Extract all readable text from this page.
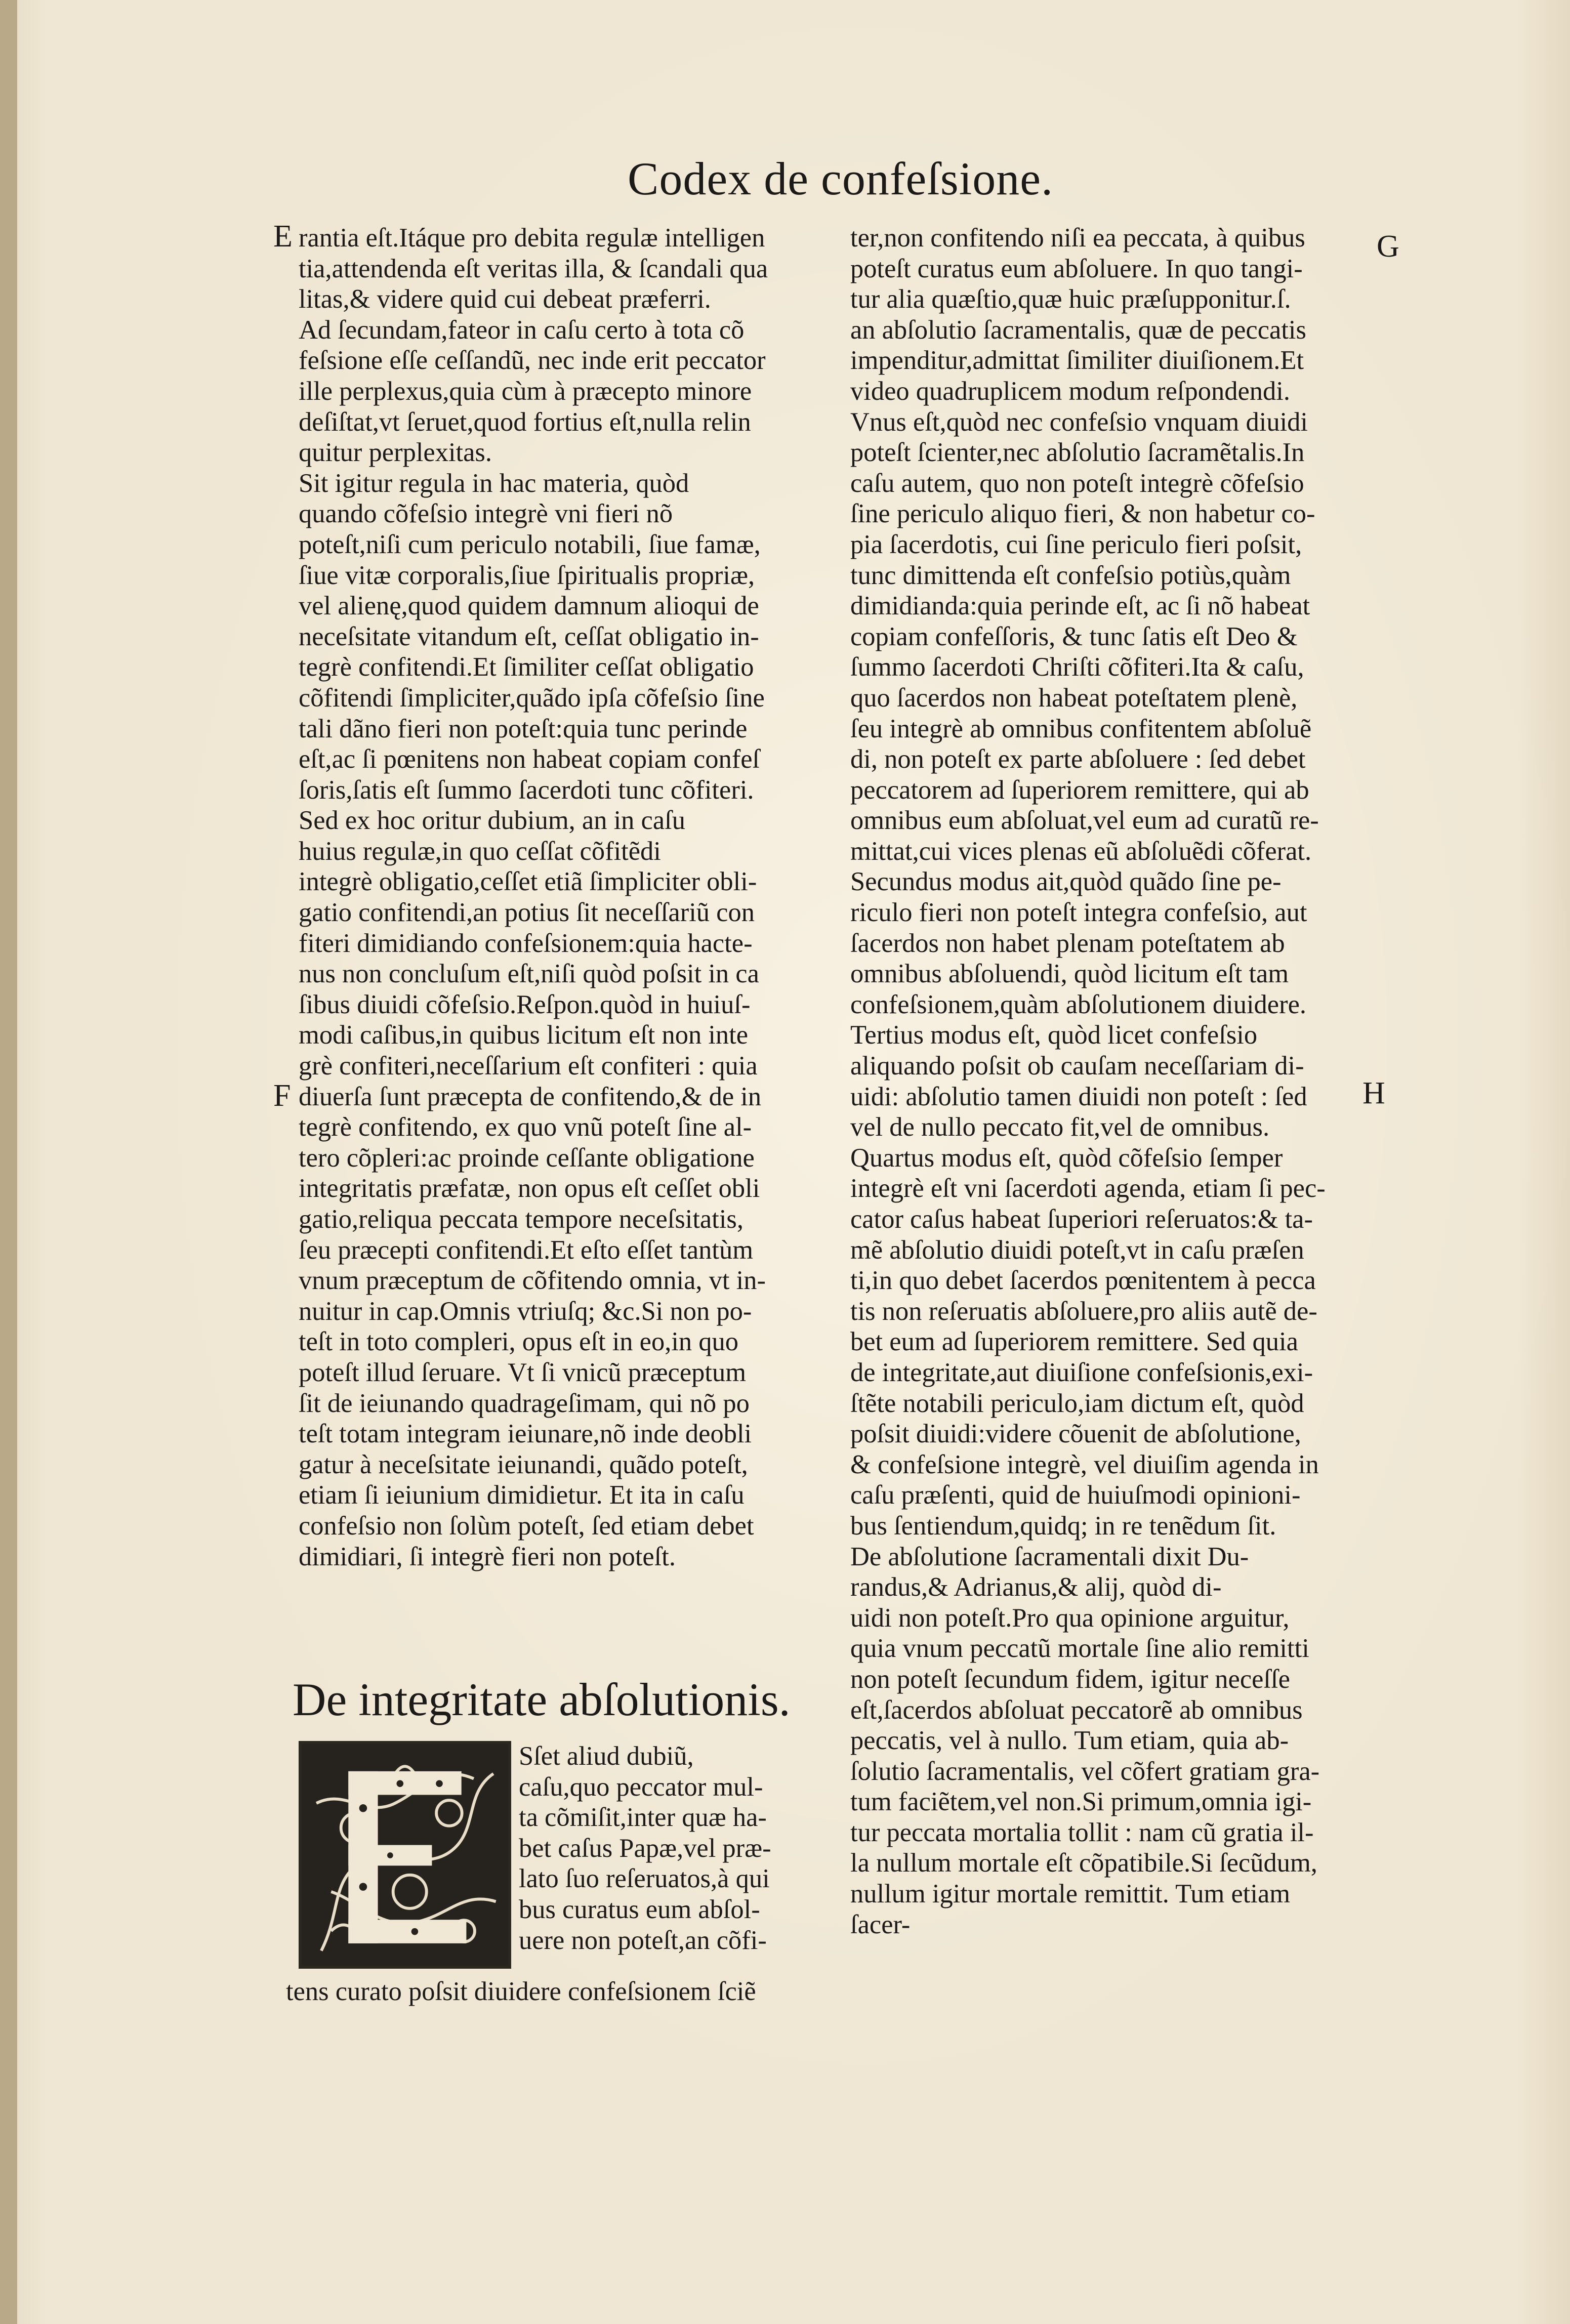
Codex de confeſsione.
E
F
G
H
rantia eſt.Itáque pro debita regulæ intelligen
tia,attendenda eſt veritas illa, & ſcandali qua
litas,& videre quid cui debeat præferri.
Ad ſecundam,fateor in caſu certo à tota cõ
feſsione eſſe ceſſandũ, nec inde erit peccator
ille perplexus,quia cùm à præcepto minore
deſiſtat,vt ſeruet,quod fortius eſt,nulla relin
quitur perplexitas.
Sit igitur regula in hac materia, quòd
quando cõfeſsio integrè vni fieri nõ
poteſt,niſi cum periculo notabili, ſiue famæ,
ſiue vitæ corporalis,ſiue ſpiritualis propriæ,
vel alienę,quod quidem damnum alioqui de
neceſsitate vitandum eſt, ceſſat obligatio in-
tegrè confitendi.Et ſimiliter ceſſat obligatio
cõfitendi ſimpliciter,quãdo ipſa cõfeſsio ſine
tali dãno fieri non poteſt:quia tunc perinde
eſt,ac ſi pœnitens non habeat copiam confeſ
ſoris,ſatis eſt ſummo ſacerdoti tunc cõfiteri.
Sed ex hoc oritur dubium, an in caſu
huius regulæ,in quo ceſſat cõfitẽdi
integrè obligatio,ceſſet etiã ſimpliciter obli-
gatio confitendi,an potius ſit neceſſariũ con
fiteri dimidiando confeſsionem:quia hacte-
nus non concluſum eſt,niſi quòd poſsit in ca
ſibus diuidi cõfeſsio.Reſpon.quòd in huiuſ-
modi caſibus,in quibus licitum eſt non inte
grè confiteri,neceſſarium eſt confiteri : quia
diuerſa ſunt præcepta de confitendo,& de in
tegrè confitendo, ex quo vnũ poteſt ſine al-
tero cõpleri:ac proinde ceſſante obligatione
integritatis præfatæ, non opus eſt ceſſet obli
gatio,reliqua peccata tempore neceſsitatis,
ſeu præcepti confitendi.Et eſto eſſet tantùm
vnum præceptum de cõfitendo omnia, vt in-
nuitur in cap.Omnis vtriuſq; &c.Si non po-
teſt in toto compleri, opus eſt in eo,in quo
poteſt illud ſeruare. Vt ſi vnicũ præceptum
ſit de ieiunando quadrageſimam, qui nõ po
teſt totam integram ieiunare,nõ inde deobli
gatur à neceſsitate ieiunandi, quãdo poteſt,
etiam ſi ieiunium dimidietur. Et ita in caſu
confeſsio non ſolùm poteſt, ſed etiam debet
dimidiari, ſi integrè fieri non poteſt.
De integritate abſolutionis.
Sſet aliud dubiũ,
caſu,quo peccator mul-
ta cõmiſit,inter quæ ha-
bet caſus Papæ,vel præ-
lato ſuo reſeruatos,à qui
bus curatus eum abſol-
uere non poteſt,an cõfi-
tens curato poſsit diuidere confeſsionem ſciẽ
ter,non confitendo niſi ea peccata, à quibus
poteſt curatus eum abſoluere. In quo tangi-
tur alia quæſtio,quæ huic præſupponitur.ſ.
an abſolutio ſacramentalis, quæ de peccatis
impenditur,admittat ſimiliter diuiſionem.Et
video quadruplicem modum reſpondendi.
Vnus eſt,quòd nec confeſsio vnquam diuidi
poteſt ſcienter,nec abſolutio ſacramẽtalis.In
caſu autem, quo non poteſt integrè cõfeſsio
ſine periculo aliquo fieri, & non habetur co-
pia ſacerdotis, cui ſine periculo fieri poſsit,
tunc dimittenda eſt confeſsio potiùs,quàm
dimidianda:quia perinde eſt, ac ſi nõ habeat
copiam confeſſoris, & tunc ſatis eſt Deo &
ſummo ſacerdoti Chriſti cõfiteri.Ita & caſu,
quo ſacerdos non habeat poteſtatem plenè,
ſeu integrè ab omnibus confitentem abſoluẽ
di, non poteſt ex parte abſoluere : ſed debet
peccatorem ad ſuperiorem remittere, qui ab
omnibus eum abſoluat,vel eum ad curatũ re-
mittat,cui vices plenas eũ abſoluẽdi cõferat.
Secundus modus ait,quòd quãdo ſine pe-
riculo fieri non poteſt integra confeſsio, aut
ſacerdos non habet plenam poteſtatem ab
omnibus abſoluendi, quòd licitum eſt tam
confeſsionem,quàm abſolutionem diuidere.
Tertius modus eſt, quòd licet confeſsio
aliquando poſsit ob cauſam neceſſariam di-
uidi: abſolutio tamen diuidi non poteſt : ſed
vel de nullo peccato fit,vel de omnibus.
Quartus modus eſt, quòd cõfeſsio ſemper
integrè eſt vni ſacerdoti agenda, etiam ſi pec-
cator caſus habeat ſuperiori reſeruatos:& ta-
mẽ abſolutio diuidi poteſt,vt in caſu præſen
ti,in quo debet ſacerdos pœnitentem à pecca
tis non reſeruatis abſoluere,pro aliis autẽ de-
bet eum ad ſuperiorem remittere. Sed quia
de integritate,aut diuiſione confeſsionis,exi-
ſtẽte notabili periculo,iam dictum eſt, quòd
poſsit diuidi:videre cõuenit de abſolutione,
& confeſsione integrè, vel diuiſim agenda in
caſu præſenti, quid de huiuſmodi opinioni-
bus ſentiendum,quidq; in re tenẽdum ſit.
De abſolutione ſacramentali dixit Du-
randus,& Adrianus,& alij, quòd di-
uidi non poteſt.Pro qua opinione arguitur,
quia vnum peccatũ mortale ſine alio remitti
non poteſt ſecundum fidem, igitur neceſſe
eſt,ſacerdos abſoluat peccatorẽ ab omnibus
peccatis, vel à nullo. Tum etiam, quia ab-
ſolutio ſacramentalis, vel cõfert gratiam gra-
tum faciẽtem,vel non.Si primum,omnia igi-
tur peccata mortalia tollit : nam cũ gratia il-
la nullum mortale eſt cõpatibile.Si ſecũdum,
nullum igitur mortale remittit. Tum etiam
ſacer-
